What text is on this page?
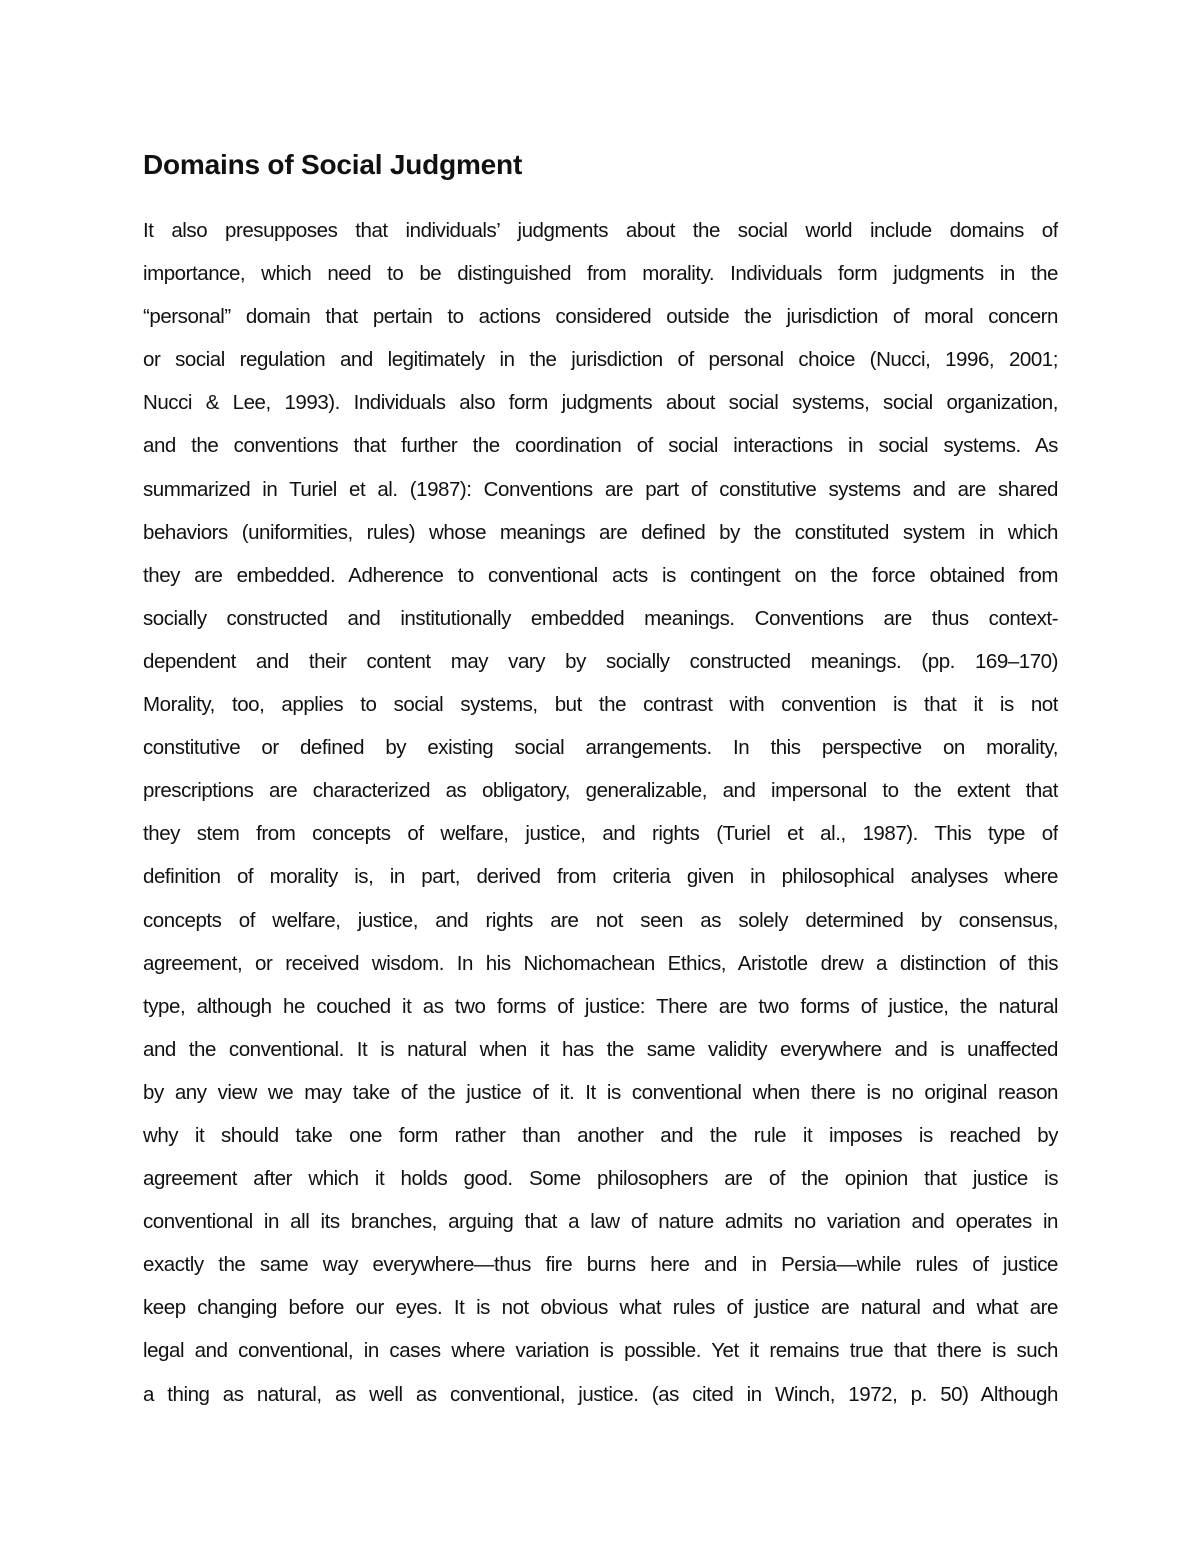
Domains of Social Judgment
It also presupposes that individuals’ judgments about the social world include domains of
importance, which need to be distinguished from morality. Individuals form judgments in the
“personal” domain that pertain to actions considered outside the jurisdiction of moral concern
or social regulation and legitimately in the jurisdiction of personal choice (Nucci, 1996, 2001;
Nucci & Lee, 1993). Individuals also form judgments about social systems, social organization,
and the conventions that further the coordination of social interactions in social systems. As
summarized in Turiel et al. (1987): Conventions are part of constitutive systems and are shared
behaviors (uniformities, rules) whose meanings are defined by the constituted system in which
they are embedded. Adherence to conventional acts is contingent on the force obtained from
socially constructed and institutionally embedded meanings. Conventions are thus context-
dependent and their content may vary by socially constructed meanings. (pp. 169–170)
Morality, too, applies to social systems, but the contrast with convention is that it is not
constitutive or defined by existing social arrangements. In this perspective on morality,
prescriptions are characterized as obligatory, generalizable, and impersonal to the extent that
they stem from concepts of welfare, justice, and rights (Turiel et al., 1987). This type of
definition of morality is, in part, derived from criteria given in philosophical analyses where
concepts of welfare, justice, and rights are not seen as solely determined by consensus,
agreement, or received wisdom. In his Nichomachean Ethics, Aristotle drew a distinction of this
type, although he couched it as two forms of justice: There are two forms of justice, the natural
and the conventional. It is natural when it has the same validity everywhere and is unaffected
by any view we may take of the justice of it. It is conventional when there is no original reason
why it should take one form rather than another and the rule it imposes is reached by
agreement after which it holds good. Some philosophers are of the opinion that justice is
conventional in all its branches, arguing that a law of nature admits no variation and operates in
exactly the same way everywhere—thus fire burns here and in Persia—while rules of justice
keep changing before our eyes. It is not obvious what rules of justice are natural and what are
legal and conventional, in cases where variation is possible. Yet it remains true that there is such
a thing as natural, as well as conventional, justice. (as cited in Winch, 1972, p. 50) Although
